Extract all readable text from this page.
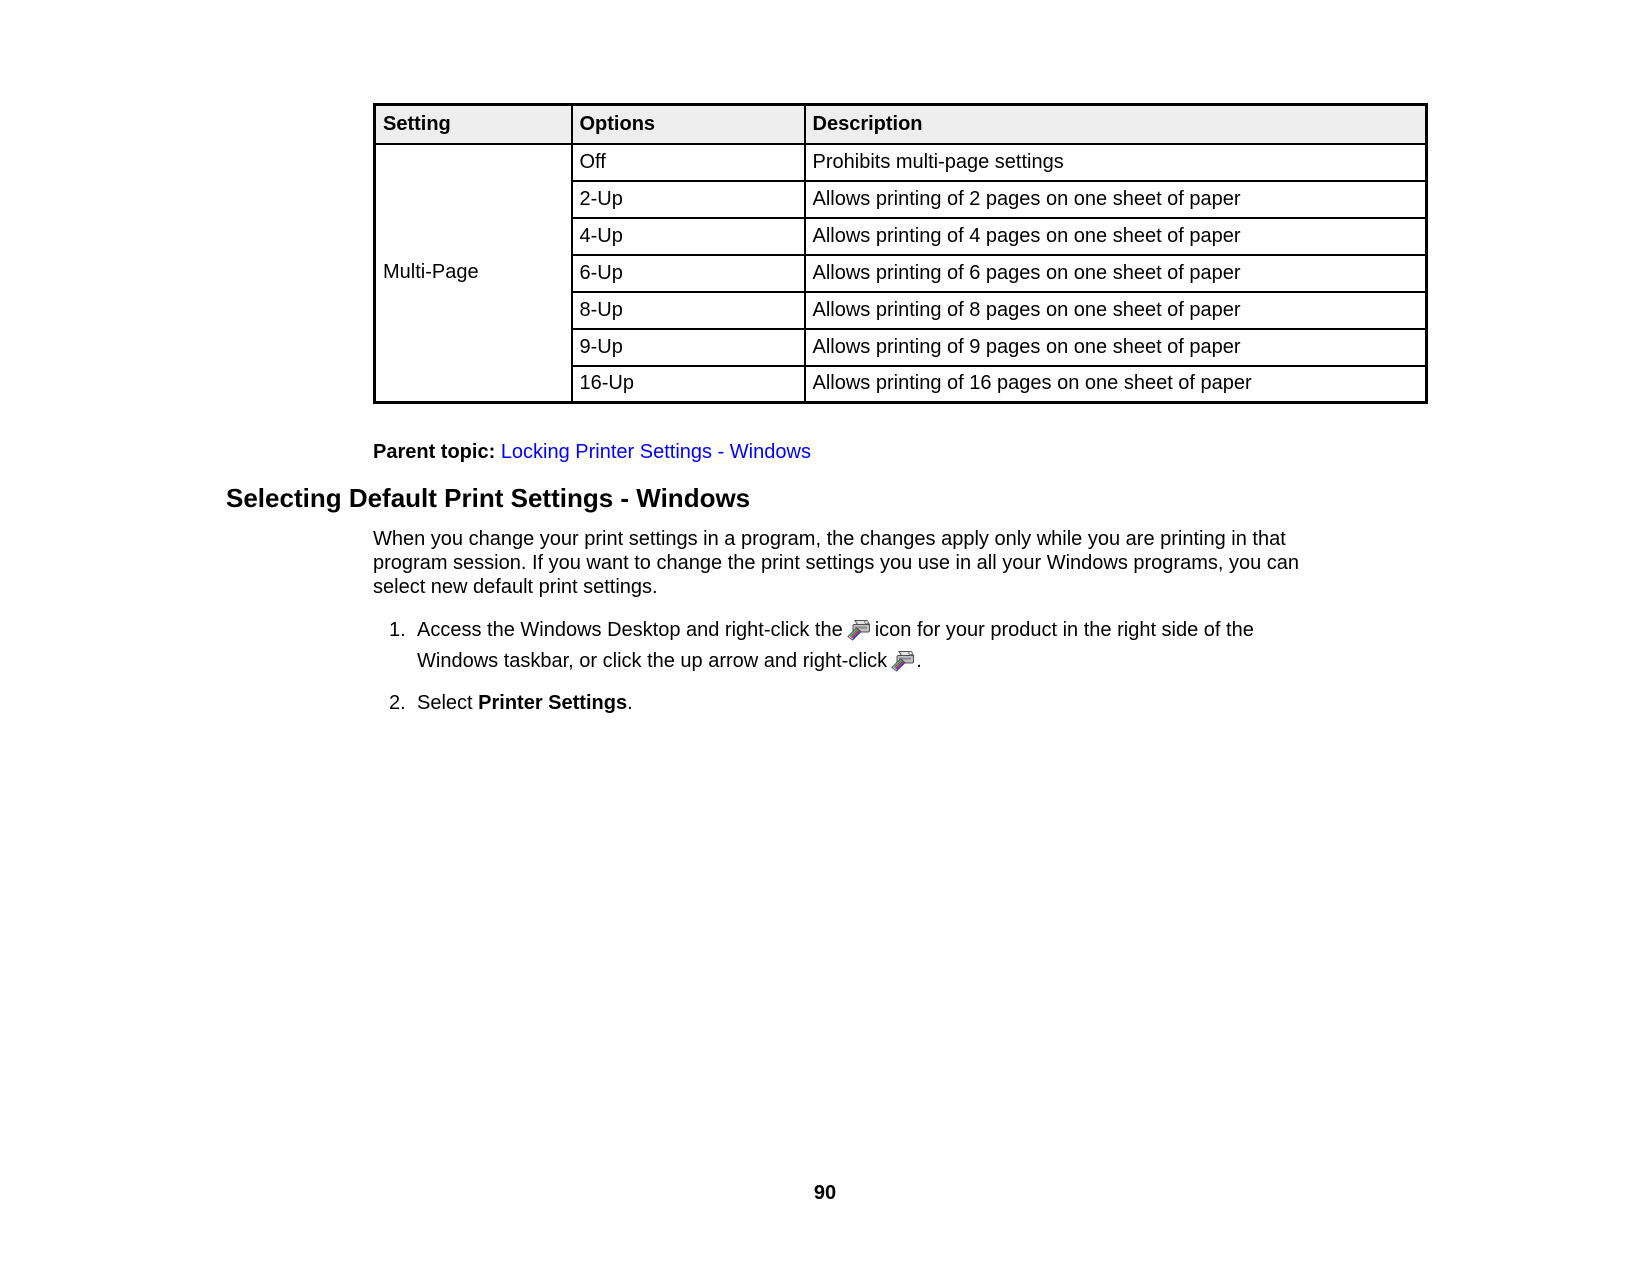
Setting	Options	Description
Multi-Page	Off	Prohibits multi-page settings
	2-Up	Allows printing of 2 pages on one sheet of paper
	4-Up	Allows printing of 4 pages on one sheet of paper
	6-Up	Allows printing of 6 pages on one sheet of paper
	8-Up	Allows printing of 8 pages on one sheet of paper
	9-Up	Allows printing of 9 pages on one sheet of paper
	16-Up	Allows printing of 16 pages on one sheet of paper
Parent topic: Locking Printer Settings - Windows
Selecting Default Print Settings - Windows
When you change your print settings in a program, the changes apply only while you are printing in that
program session. If you want to change the print settings you use in all your Windows programs, you can
select new default print settings.
1. Access the Windows Desktop and right-click the icon for your product in the right side of the
Windows taskbar, or click the up arrow and right-click .
2. Select Printer Settings.
90
